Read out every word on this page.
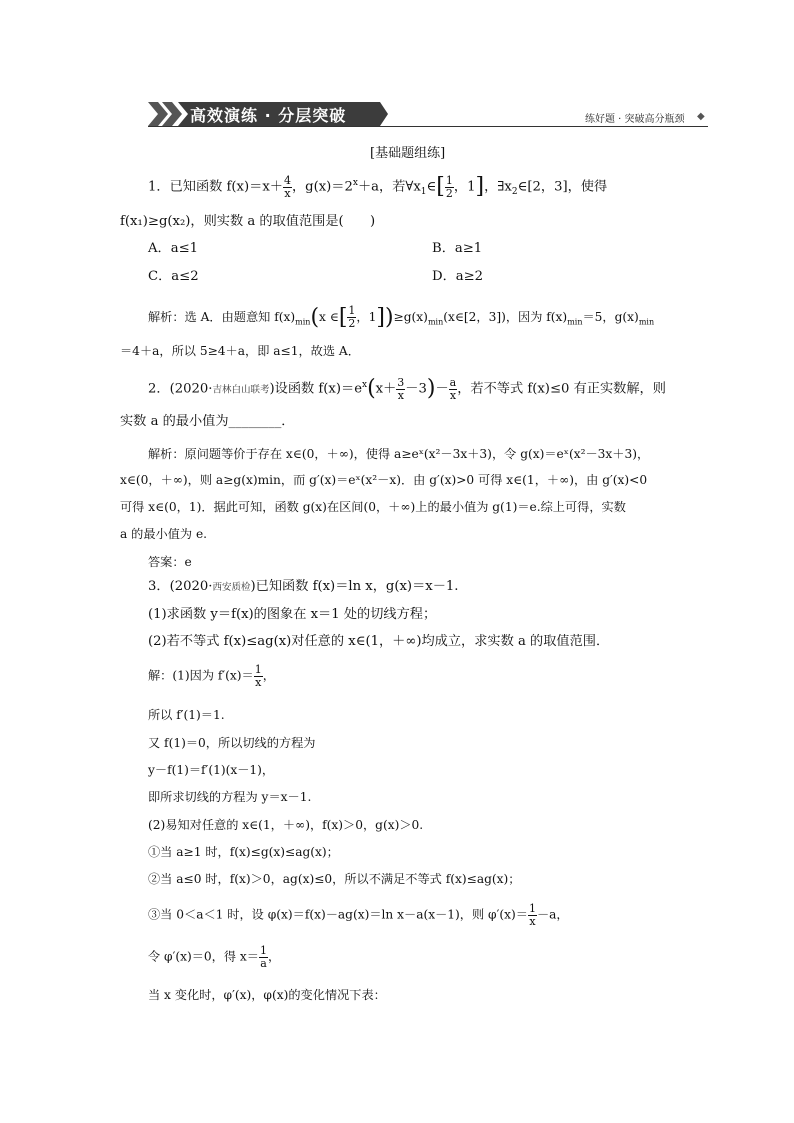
高效演练 · 分层突破	练好题 · 突破高分瓶颈 ◆
[基础题组练]
1．已知函数 $f(x)=x+ \frac{4}{x}$ ，$g(x)=2^x+a$，若$\forall x_1\in[ \frac{1}{2}$ ，1]，$\exists x_2\in[2$，3]，使得
f(x₁)≥g(x₂)，则实数 a 的取值范围是(　　)
A．a≤1	B．a≥1
C．a≤2	D．a≥2
解析：选 A．由题意知 $f(x)_{min}(x$ ∈[ $\frac{1}{2}$ ，$1])\ge g(x)_{min}(x\in[2$，3])，因为 $f(x)_{min}=5$，$g(x)_{min}$
＝4＋a，所以 5≥4＋a，即 a≤1，故选 A．
2．(2020·吉林白山联考)设函数 $f(x)=e^x(x+ \frac{3}{x} -3)- \frac{a}{x}$ ，若不等式 f(x)≤0 有正实数解，则
实数 a 的最小值为________．
解析：原问题等价于存在 x∈(0，＋∞)，使得 a≥eˣ(x²－3x＋3)，令 g(x)＝eˣ(x²－3x＋3)，
x∈(0，＋∞)，则 a≥g(x)min，而 g′(x)＝eˣ(x²－x)．由 g′(x)>0 可得 x∈(1，＋∞)，由 g′(x)<0
可得 x∈(0，1)．据此可知，函数 g(x)在区间(0，＋∞)上的最小值为 g(1)＝e.综上可得，实数
a 的最小值为 e.
答案：e
3．(2020·西安质检)已知函数 f(x)＝ln x，g(x)＝x－1.
(1)求函数 y＝f(x)的图象在 x＝1 处的切线方程；
(2)若不等式 f(x)≤ag(x)对任意的 x∈(1，＋∞)均成立，求实数 a 的取值范围．
解：(1)因为 $f'(x)= \frac{1}{x}$ ，
所以 f′(1)＝1.
又 f(1)＝0，所以切线的方程为
y－f(1)＝f′(1)(x－1)，
即所求切线的方程为 y＝x－1.
(2)易知对任意的 x∈(1，＋∞)，f(x)＞0，g(x)＞0.
①当 a≥1 时，f(x)≤g(x)≤ag(x)；
②当 a≤0 时，f(x)＞0，ag(x)≤0，所以不满足不等式 f(x)≤ag(x)；
③当 0＜a＜1 时，设 φ(x)＝f(x)－ag(x)＝ln x－a(x－1)，则 $\varphi'(x)= \frac{1}{x} -a$，
令 φ′(x)＝0，得 $x= \frac{1}{a}$ ，
当 x 变化时，φ′(x)，φ(x)的变化情况下表：
